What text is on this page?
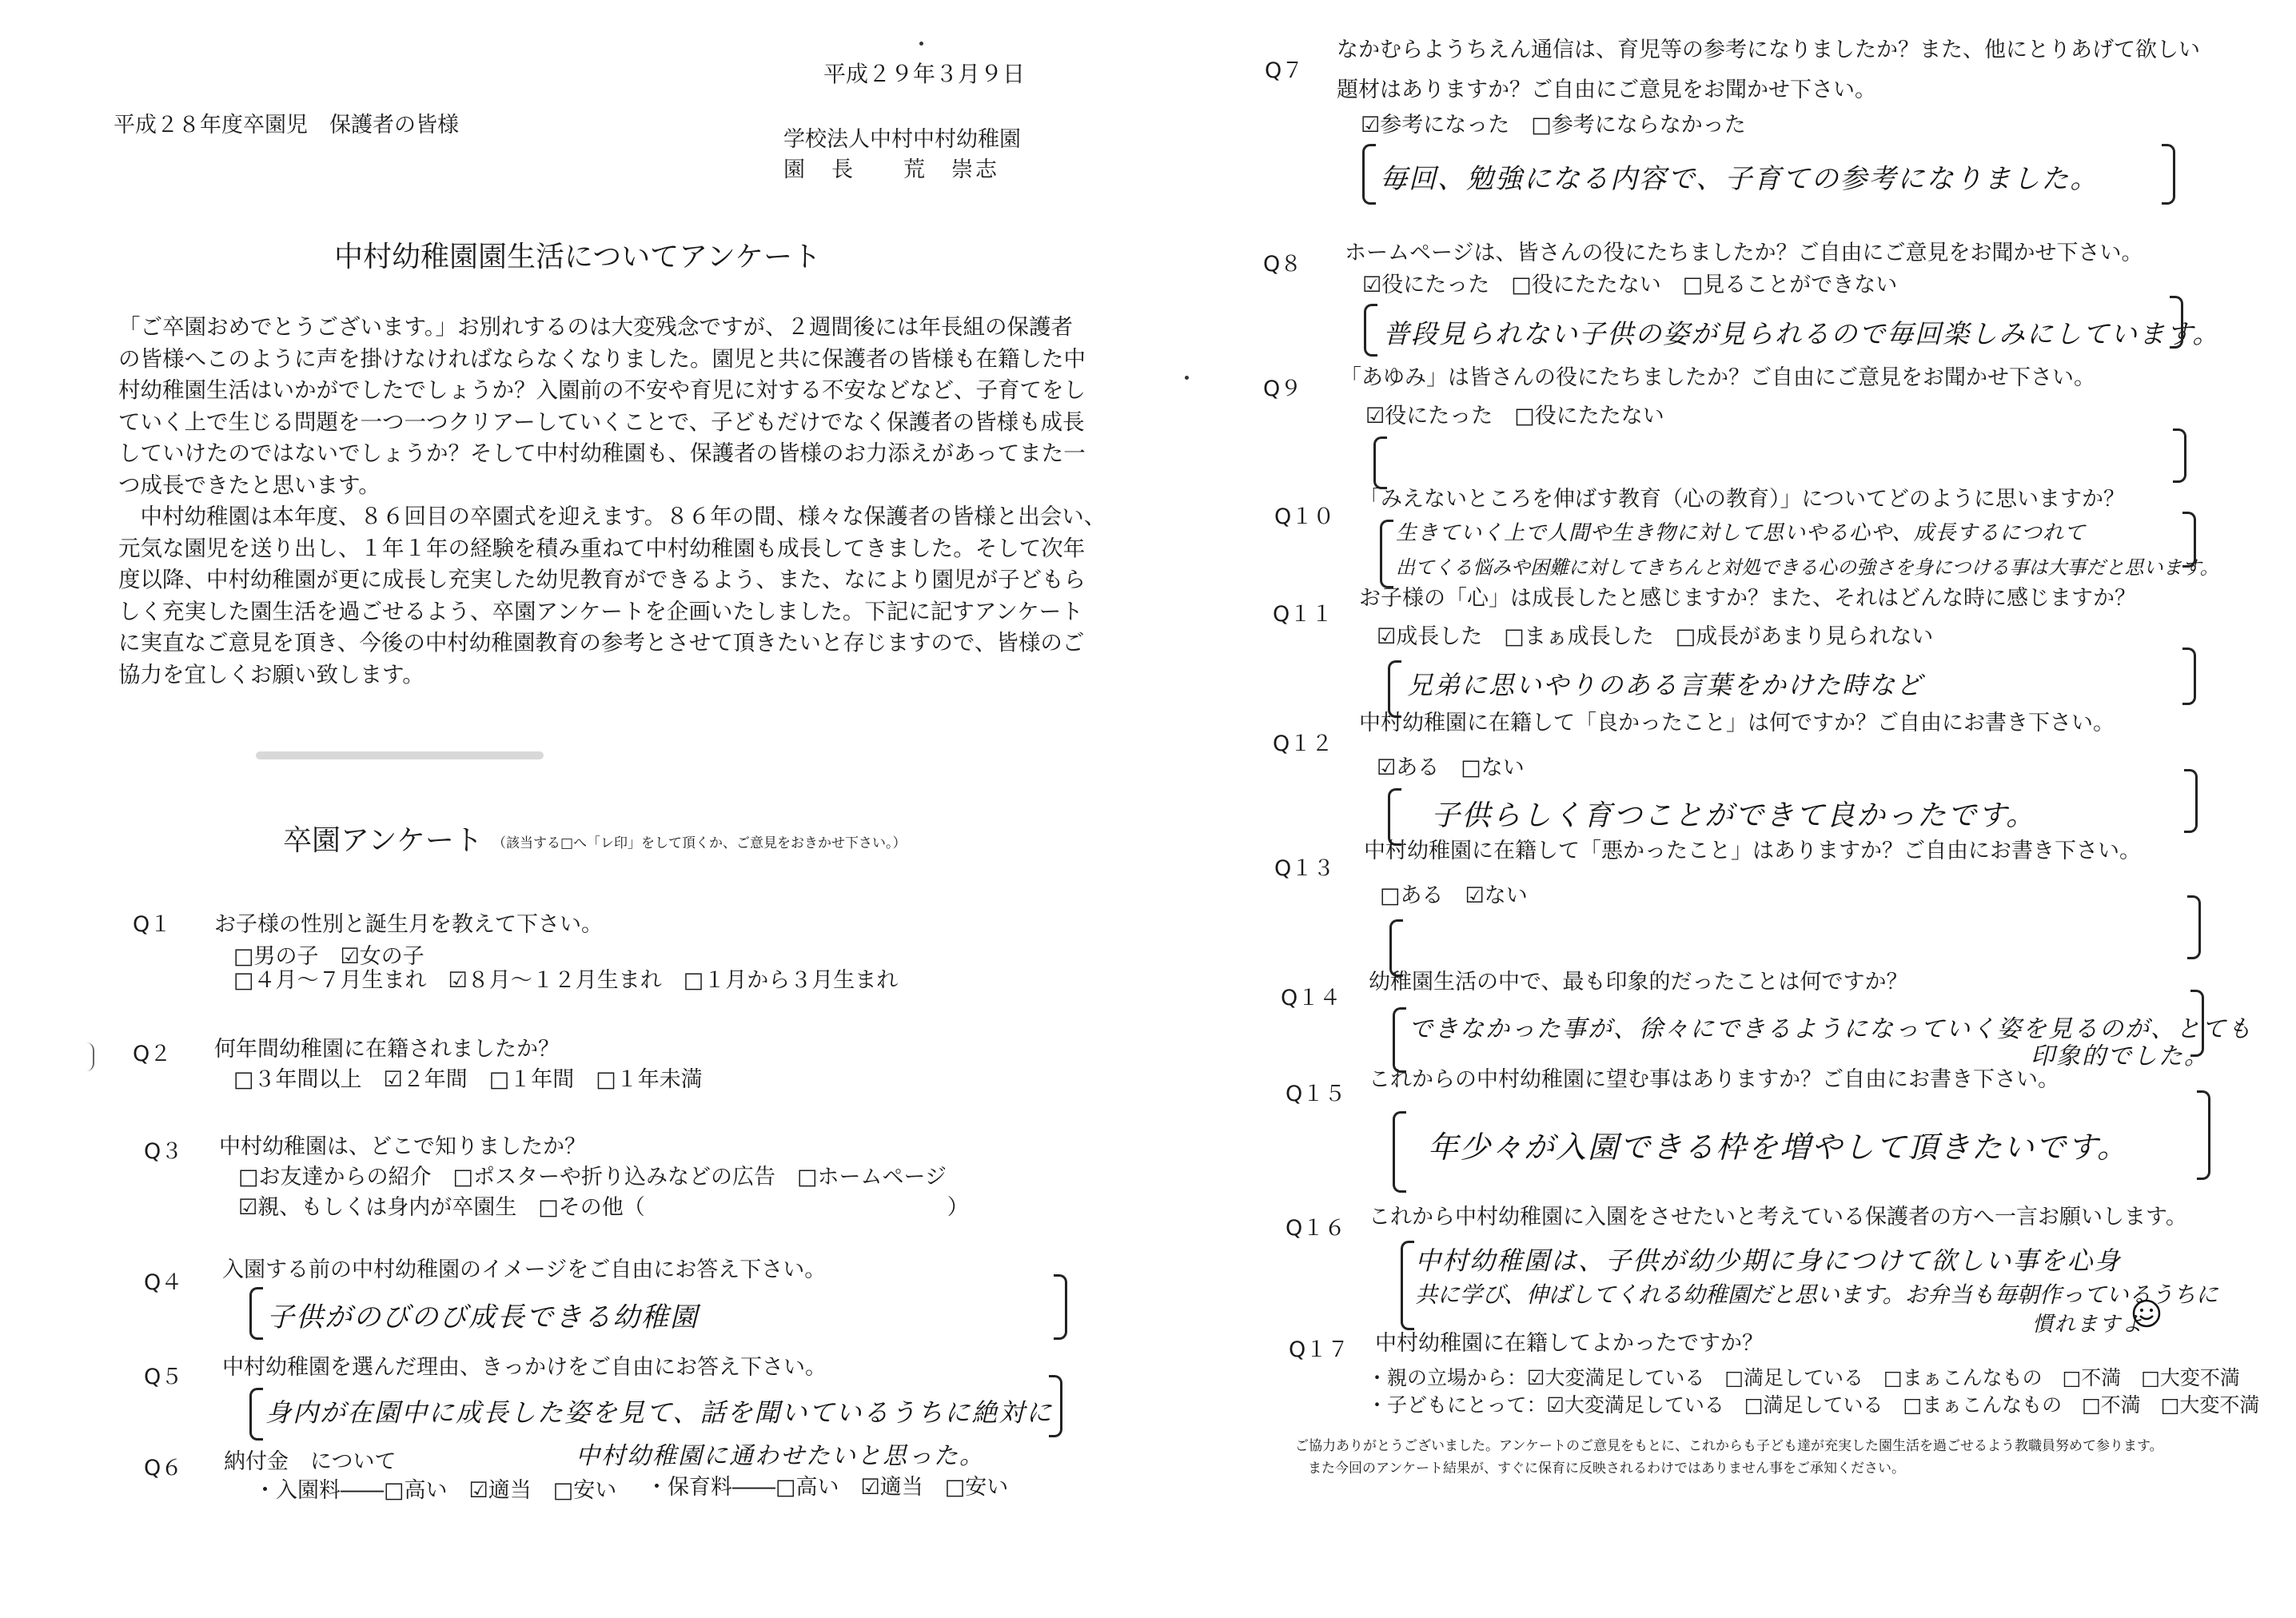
平成２９年３月９日
平成２８年度卒園児　保護者の皆様
学校法人中村中村幼稚園
園　長　　荒　崇志
中村幼稚園園生活についてアンケート

「ご卒園おめでとうございます。」お別れするのは大変残念ですが、２週間後には年長組の保護者

の皆様へこのように声を掛けなければならなくなりました。園児と共に保護者の皆様も在籍した中

村幼稚園生活はいかがでしたでしょうか？入園前の不安や育児に対する不安などなど、子育てをし

ていく上で生じる問題を一つ一つクリアーしていくことで、子どもだけでなく保護者の皆様も成長

していけたのではないでしょうか？そして中村幼稚園も、保護者の皆様のお力添えがあってまた一

つ成長できたと思います。

　中村幼稚園は本年度、８６回目の卒園式を迎えます。８６年の間、様々な保護者の皆様と出会い、

元気な園児を送り出し、１年１年の経験を積み重ねて中村幼稚園も成長してきました。そして次年

度以降、中村幼稚園が更に成長し充実した幼児教育ができるよう、また、なにより園児が子どもら

しく充実した園生活を過ごせるよう、卒園アンケートを企画いたしました。下記に記すアンケート

に実直なご意見を頂き、今後の中村幼稚園教育の参考とさせて頂きたいと存じますので、皆様のご

協力を宜しくお願い致します。

卒園アンケート （該当する□へ「レ印」をして頂くか、ご意見をおきかせ下さい。）
Q１ お子様の性別と誕生月を教えて下さい。
□男の子　☑女の子
□４月～７月生まれ　☑８月～１２月生まれ　□１月から３月生まれ
Q２ 何年間幼稚園に在籍されましたか？
□３年間以上　☑２年間　□１年間　□１年未満
Q３ 中村幼稚園は、どこで知りましたか？
□お友達からの紹介　□ポスターや折り込みなどの広告　□ホームページ
☑親、もしくは身内が卒園生　□その他（　　　　　　　　　　　　　　）
Q４
入園する前の中村幼稚園のイメージをご自由にお答え下さい。
子供がのびのび成長できる幼稚園
Q５ 中村幼稚園を選んだ理由、きっかけをご自由にお答え下さい。
身内が在園中に成長した姿を見て、話を聞いているうちに絶対に
Q６ 納付金　について	中村幼稚園に通わせたいと思った。
・入園料――□高い　☑適当　□安い ・保育料――□高い　☑適当　□安い
Q７
なかむらようちえん通信は、育児等の参考になりましたか？また、他にとりあげて欲しい
題材はありますか？ご自由にご意見をお聞かせ下さい。
☑参考になった　□参考にならなかった
毎回、勉強になる内容で、子育ての参考になりました。
Q８ ホームページは、皆さんの役にたちましたか？ご自由にご意見をお聞かせ下さい。
☑役にたった　□役にたたない　□見ることができない
普段見られない子供の姿が見られるので毎回楽しみにしています。
Q９ 「あゆみ」は皆さんの役にたちましたか？ご自由にご意見をお聞かせ下さい。
☑役にたった　□役にたたない
Q１０
「みえないところを伸ばす教育（心の教育）」についてどのように思いますか？
生きていく上で人間や生き物に対して思いやる心や、成長するにつれて
出てくる悩みや困難に対してきちんと対処できる心の強さを身につける事は大事だと思います。
Q１１
お子様の「心」は成長したと感じますか？また、それはどんな時に感じますか？
☑成長した　□まぁ成長した　□成長があまり見られない
兄弟に思いやりのある言葉をかけた時など
Q１２
中村幼稚園に在籍して「良かったこと」は何ですか？ご自由にお書き下さい。
☑ある　□ない
子供らしく育つことができて良かったです。
Q１３
中村幼稚園に在籍して「悪かったこと」はありますか？ご自由にお書き下さい。
□ある　☑ない
Q１４
幼稚園生活の中で、最も印象的だったことは何ですか？
できなかった事が、徐々にできるようになっていく姿を見るのが、とても
印象的でした。
Q１５
これからの中村幼稚園に望む事はありますか？ご自由にお書き下さい。
年少々が入園できる枠を増やして頂きたいです。
Q１６ これから中村幼稚園に入園をさせたいと考えている保護者の方へ一言お願いします。
中村幼稚園は、子供が幼少期に身につけて欲しい事を心身
共に学び、伸ばしてくれる幼稚園だと思います。お弁当も毎朝作っているうちに
慣れますよ
Q１７ 中村幼稚園に在籍してよかったですか？
・親の立場から：☑大変満足している　□満足している　□まぁこんなもの　□不満　□大変不満
・子どもにとって：☑大変満足している　□満足している　□まぁこんなもの　□不満　□大変不満
ご協力ありがとうございました。アンケートのご意見をもとに、これからも子ども達が充実した園生活を過ごせるよう教職員努めて参ります。
また今回のアンケート結果が、すぐに保育に反映されるわけではありません事をご承知ください。
